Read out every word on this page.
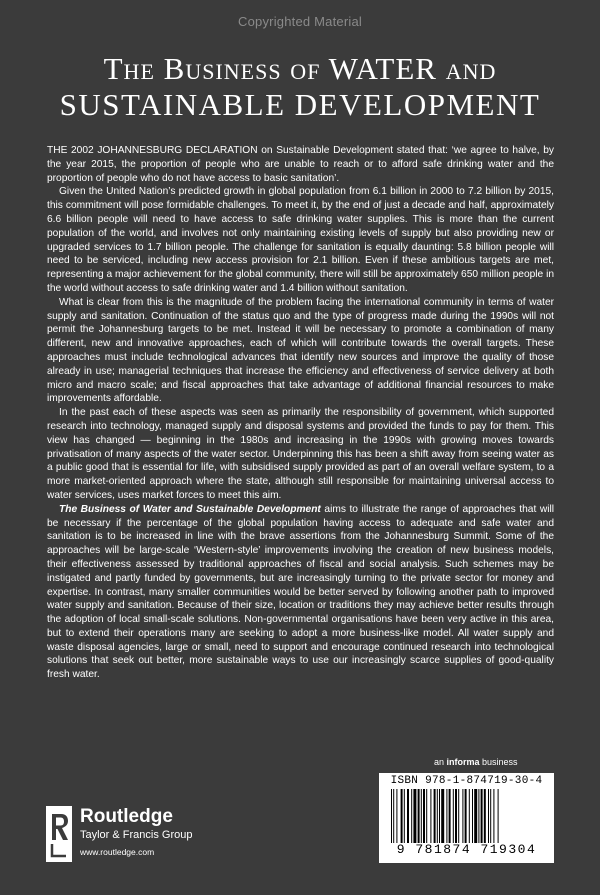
Copyrighted Material
The Business of WATER and
SUSTAINABLE DEVELOPMENT

THE 2002 JOHANNESBURG DECLARATION on Sustainable Development stated that: ‘we agree to halve, by the year 2015, the proportion of people who are unable to reach or to afford safe drinking water and the proportion of people who do not have access to basic sanitation’.

Given the United Nation’s predicted growth in global population from 6.1 billion in 2000 to 7.2 billion by 2015, this commitment will pose formidable challenges. To meet it, by the end of just a decade and half, approximately 6.6 billion people will need to have access to safe drinking water supplies. This is more than the current population of the world, and involves not only maintaining existing levels of supply but also providing new or upgraded services to 1.7 billion people. The challenge for sanitation is equally daunting: 5.8 billion people will need to be serviced, including new access provision for 2.1 billion. Even if these ambitious targets are met, representing a major achievement for the global community, there will still be approximately 650 million people in the world without access to safe drinking water and 1.4 billion without sanitation.

What is clear from this is the magnitude of the problem facing the international community in terms of water supply and sanitation. Continuation of the status quo and the type of progress made during the 1990s will not permit the Johannesburg targets to be met. Instead it will be necessary to promote a combination of many different, new and innovative approaches, each of which will contribute towards the overall targets. These approaches must include technological advances that identify new sources and improve the quality of those already in use; managerial techniques that increase the efficiency and effectiveness of service delivery at both micro and macro scale; and fiscal approaches that take advantage of additional financial resources to make improvements affordable.

In the past each of these aspects was seen as primarily the responsibility of government, which supported research into technology, managed supply and disposal systems and provided the funds to pay for them. This view has changed — beginning in the 1980s and increasing in the 1990s with growing moves towards privatisation of many aspects of the water sector. Underpinning this has been a shift away from seeing water as a public good that is essential for life, with subsidised supply provided as part of an overall welfare system, to a more market-oriented approach where the state, although still responsible for maintaining universal access to water services, uses market forces to meet this aim.

The Business of Water and Sustainable Development aims to illustrate the range of approaches that will be necessary if the percentage of the global population having access to adequate and safe water and sanitation is to be increased in line with the brave assertions from the Johannesburg Summit. Some of the approaches will be large-scale ‘Western-style’ improvements involving the creation of new business models, their effectiveness assessed by traditional approaches of fiscal and social analysis. Such schemes may be instigated and partly funded by governments, but are increasingly turning to the private sector for money and expertise. In contrast, many smaller communities would be better served by following another path to improved water supply and sanitation. Because of their size, location or traditions they may achieve better results through the adoption of local small-scale solutions. Non-governmental organisations have been very active in this area, but to extend their operations many are seeking to adopt a more business-like model. All water supply and waste disposal agencies, large or small, need to support and encourage continued research into technological solutions that seek out better, more sustainable ways to use our increasingly scarce supplies of good-quality fresh water.

an informa business
Routledge
Taylor & Francis Group
www.routledge.com
ISBN 978-1-874719-30-4
9 781874 719304
